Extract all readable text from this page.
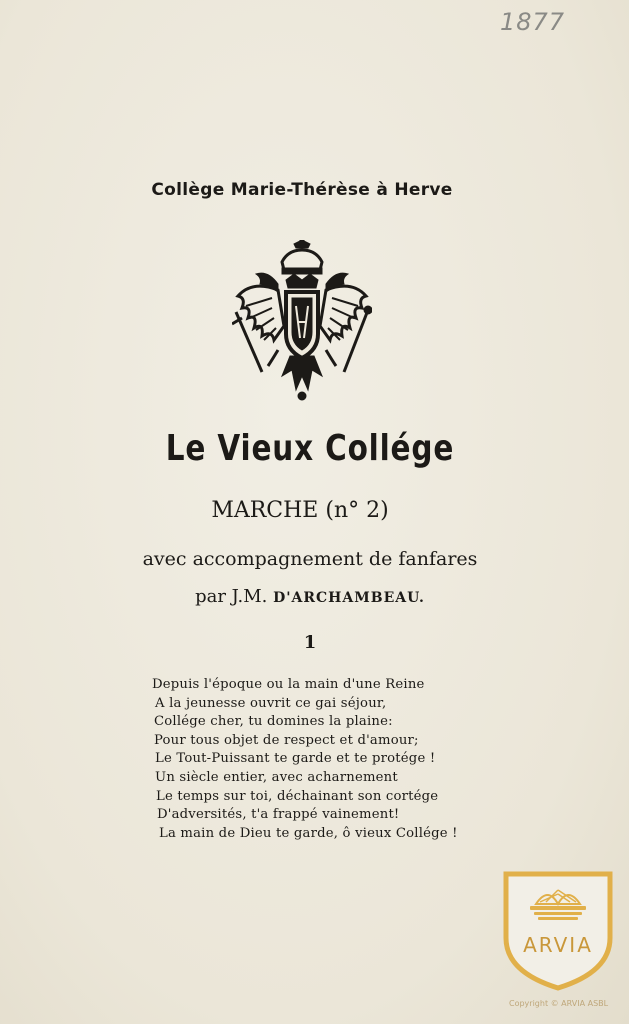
1877
Collège Marie-Thérèse à Herve
Le Vieux Collége
MARCHE (n° 2)
avec accompagnement de fanfares
par J.M. D'ARCHAMBEAU.
1
Depuis l'époque ou la main d'une Reine
A la jeunesse ouvrit ce gai séjour,
Collége cher, tu domines la plaine:
Pour tous objet de respect et d'amour;
Le Tout-Puissant te garde et te protége !
Un siècle entier, avec acharnement
Le temps sur toi, déchainant son cortége
D'adversités, t'a frappé vainement!
La main de Dieu te garde, ô vieux Collége !
ARVIA
Copyright © ARVIA ASBL
